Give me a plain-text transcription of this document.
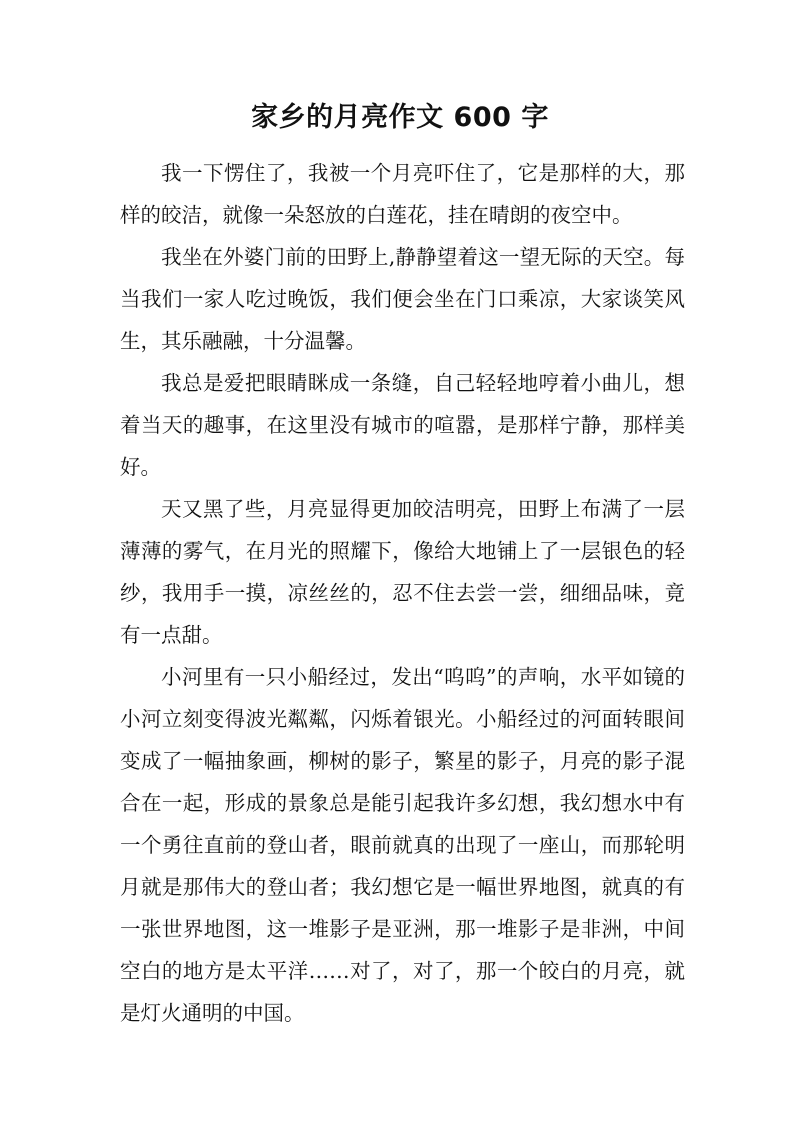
家乡的月亮作文 600 字

我一下愣住了，我被一个月亮吓住了，它是那样的大，那样的皎洁，就像一朵怒放的白莲花，挂在晴朗的夜空中。

我坐在外婆门前的田野上,静静望着这一望无际的天空。每当我们一家人吃过晚饭，我们便会坐在门口乘凉，大家谈笑风生，其乐融融，十分温馨。

我总是爱把眼睛眯成一条缝，自己轻轻地哼着小曲儿，想着当天的趣事，在这里没有城市的喧嚣，是那样宁静，那样美好。

天又黑了些，月亮显得更加皎洁明亮，田野上布满了一层薄薄的雾气，在月光的照耀下，像给大地铺上了一层银色的轻纱，我用手一摸，凉丝丝的，忍不住去尝一尝，细细品味，竟有一点甜。

小河里有一只小船经过，发出“呜呜”的声响，水平如镜的小河立刻变得波光粼粼，闪烁着银光。小船经过的河面转眼间变成了一幅抽象画，柳树的影子，繁星的影子，月亮的影子混合在一起，形成的景象总是能引起我许多幻想，我幻想水中有一个勇往直前的登山者，眼前就真的出现了一座山，而那轮明月就是那伟大的登山者；我幻想它是一幅世界地图，就真的有一张世界地图，这一堆影子是亚洲，那一堆影子是非洲，中间空白的地方是太平洋……对了，对了，那一个皎白的月亮，就是灯火通明的中国。
